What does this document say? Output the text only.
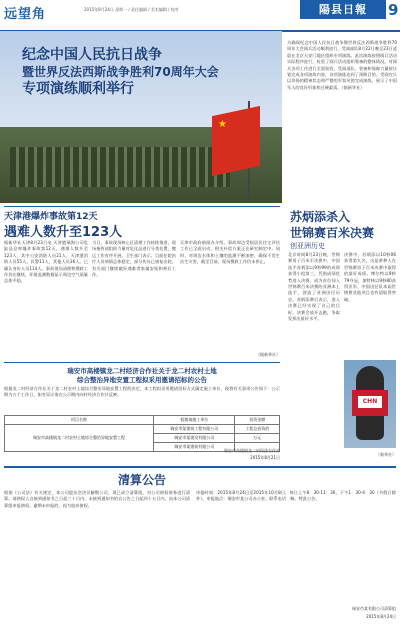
远望角	2015年8月24日 星期一 / 责任编辑 / 美术编辑 / 校对	陽县日報	9
★
纪念中国人民抗日战争
暨世界反法西斯战争胜利70周年大会
专项演练顺利举行
为确保纪念中国人民抗日战争暨世界反法西斯战争胜利70周年大会阅兵活动顺利进行，受阅部队8月22日晚至23日凌晨在北京天安门地区组织专项演练。此次演练按照阅兵活动实际程序进行，检验了阅兵活动组织筹备的整体情况，对阅兵各项工作进行全面检验，受阅部队、装备和保障力量按计划完成各项演练内容，各项演练达到了预期目的。受阅官兵以昂扬的精神状态和严整的军容风貌完成演练，展示了中国军人的良好形象和过硬素质。（据新华社）
天津港爆炸事故第12天
遇难人数升至123人
据新华社天津8月23日电 天津港瑞海公司危险品仓库爆炸事故第12天，遇难人数升至123人，其中公安消防人员21人，天津港消防人员55人，民警11人，其他人员36人。已确认身份人员114人。事故现场清理和搜救工作仍在继续，环境监测数据显示周边空气质量总体平稳。
当日，事故现场核心区清理工作持续推进，现场指挥部组织力量对危化品进行分类处置，搬运工作有序开展。卫生部门表示，目前住院治疗人员病情总体稳定，部分伤员已康复出院。有关部门继续做好遇难者家属安抚和善后工作。
天津市政府新闻办介绍，事故周边受损居民住宅评估工作已全面启动，相关补偿方案正在研究制定中。同时，对周边水体和土壤的监测不断加密，确保不发生次生灾害。截至目前，现场搜救工作仍未停止。
（据新华社）
苏炳添杀入
世锦赛百米决赛
创亚洲历史
北京时间8月23日晚，世锦赛男子百米半决赛中，中国选手苏炳添以9秒99的成绩获得小组第三，凭借成绩优势进入决赛，成为首位闯入世锦赛百米决赛的亚洲本土选手，创造了亚洲田径历史。苏炳添赛后表示，进入决赛已经实现了自己的目标，决赛会放开去跑，争取发挥出最好水平。
决赛中，苏炳添以10秒06获得第九名，这是黄种人在世锦赛男子百米决赛中取得的最好成绩。博尔特以9秒79夺冠，加特林以9秒80获得亚军。中国田径队本届世锦赛其他项目也有望取得突破。
CHN
（新华社）
瑞安市高楼镇龙二村经济合作社关于龙二村农村土地
综合整治异地安置工程拟采用邀请招标的公告
根据龙二村经济合作社关于龙二村农村土地综合整治异地安置工程的决定，本工程拟采用邀请招标方式确定施工单位，现将有关事项公告如下：公示期为五个工作日，如有异议请在公示期内向村经济合作社反映。
项目名称	拟邀请施工单位	投资金额
瑞安市高楼镇龙二村农村土地综合整治异地安置工程	瑞安市某建筑工程有限公司	工程总投资约
	瑞安市某建设有限公司	万元
	瑞安市某建筑有限公司	
瑞安市高楼镇龙二村经济合作社
2015年8月21日
清算公告
根据《公司法》有关规定，本公司股东会决议解散公司，现已成立清算组，对公司债权债务进行清算。请债权人自接到通知书之日起三十日内，未接到通知书的自公告之日起四十五日内，向本公司清算组申报债权。逾期未申报的，视为放弃债权。
申报时间：2015年8月24日至2015年10月8日，每日上午8：30-11：30，下午1：30-4：30（节假日除外）。申报地点：瑞安市某公司办公室。联系电话：略。特此公告。
瑞安市某有限公司清算组
2015年8月24日
